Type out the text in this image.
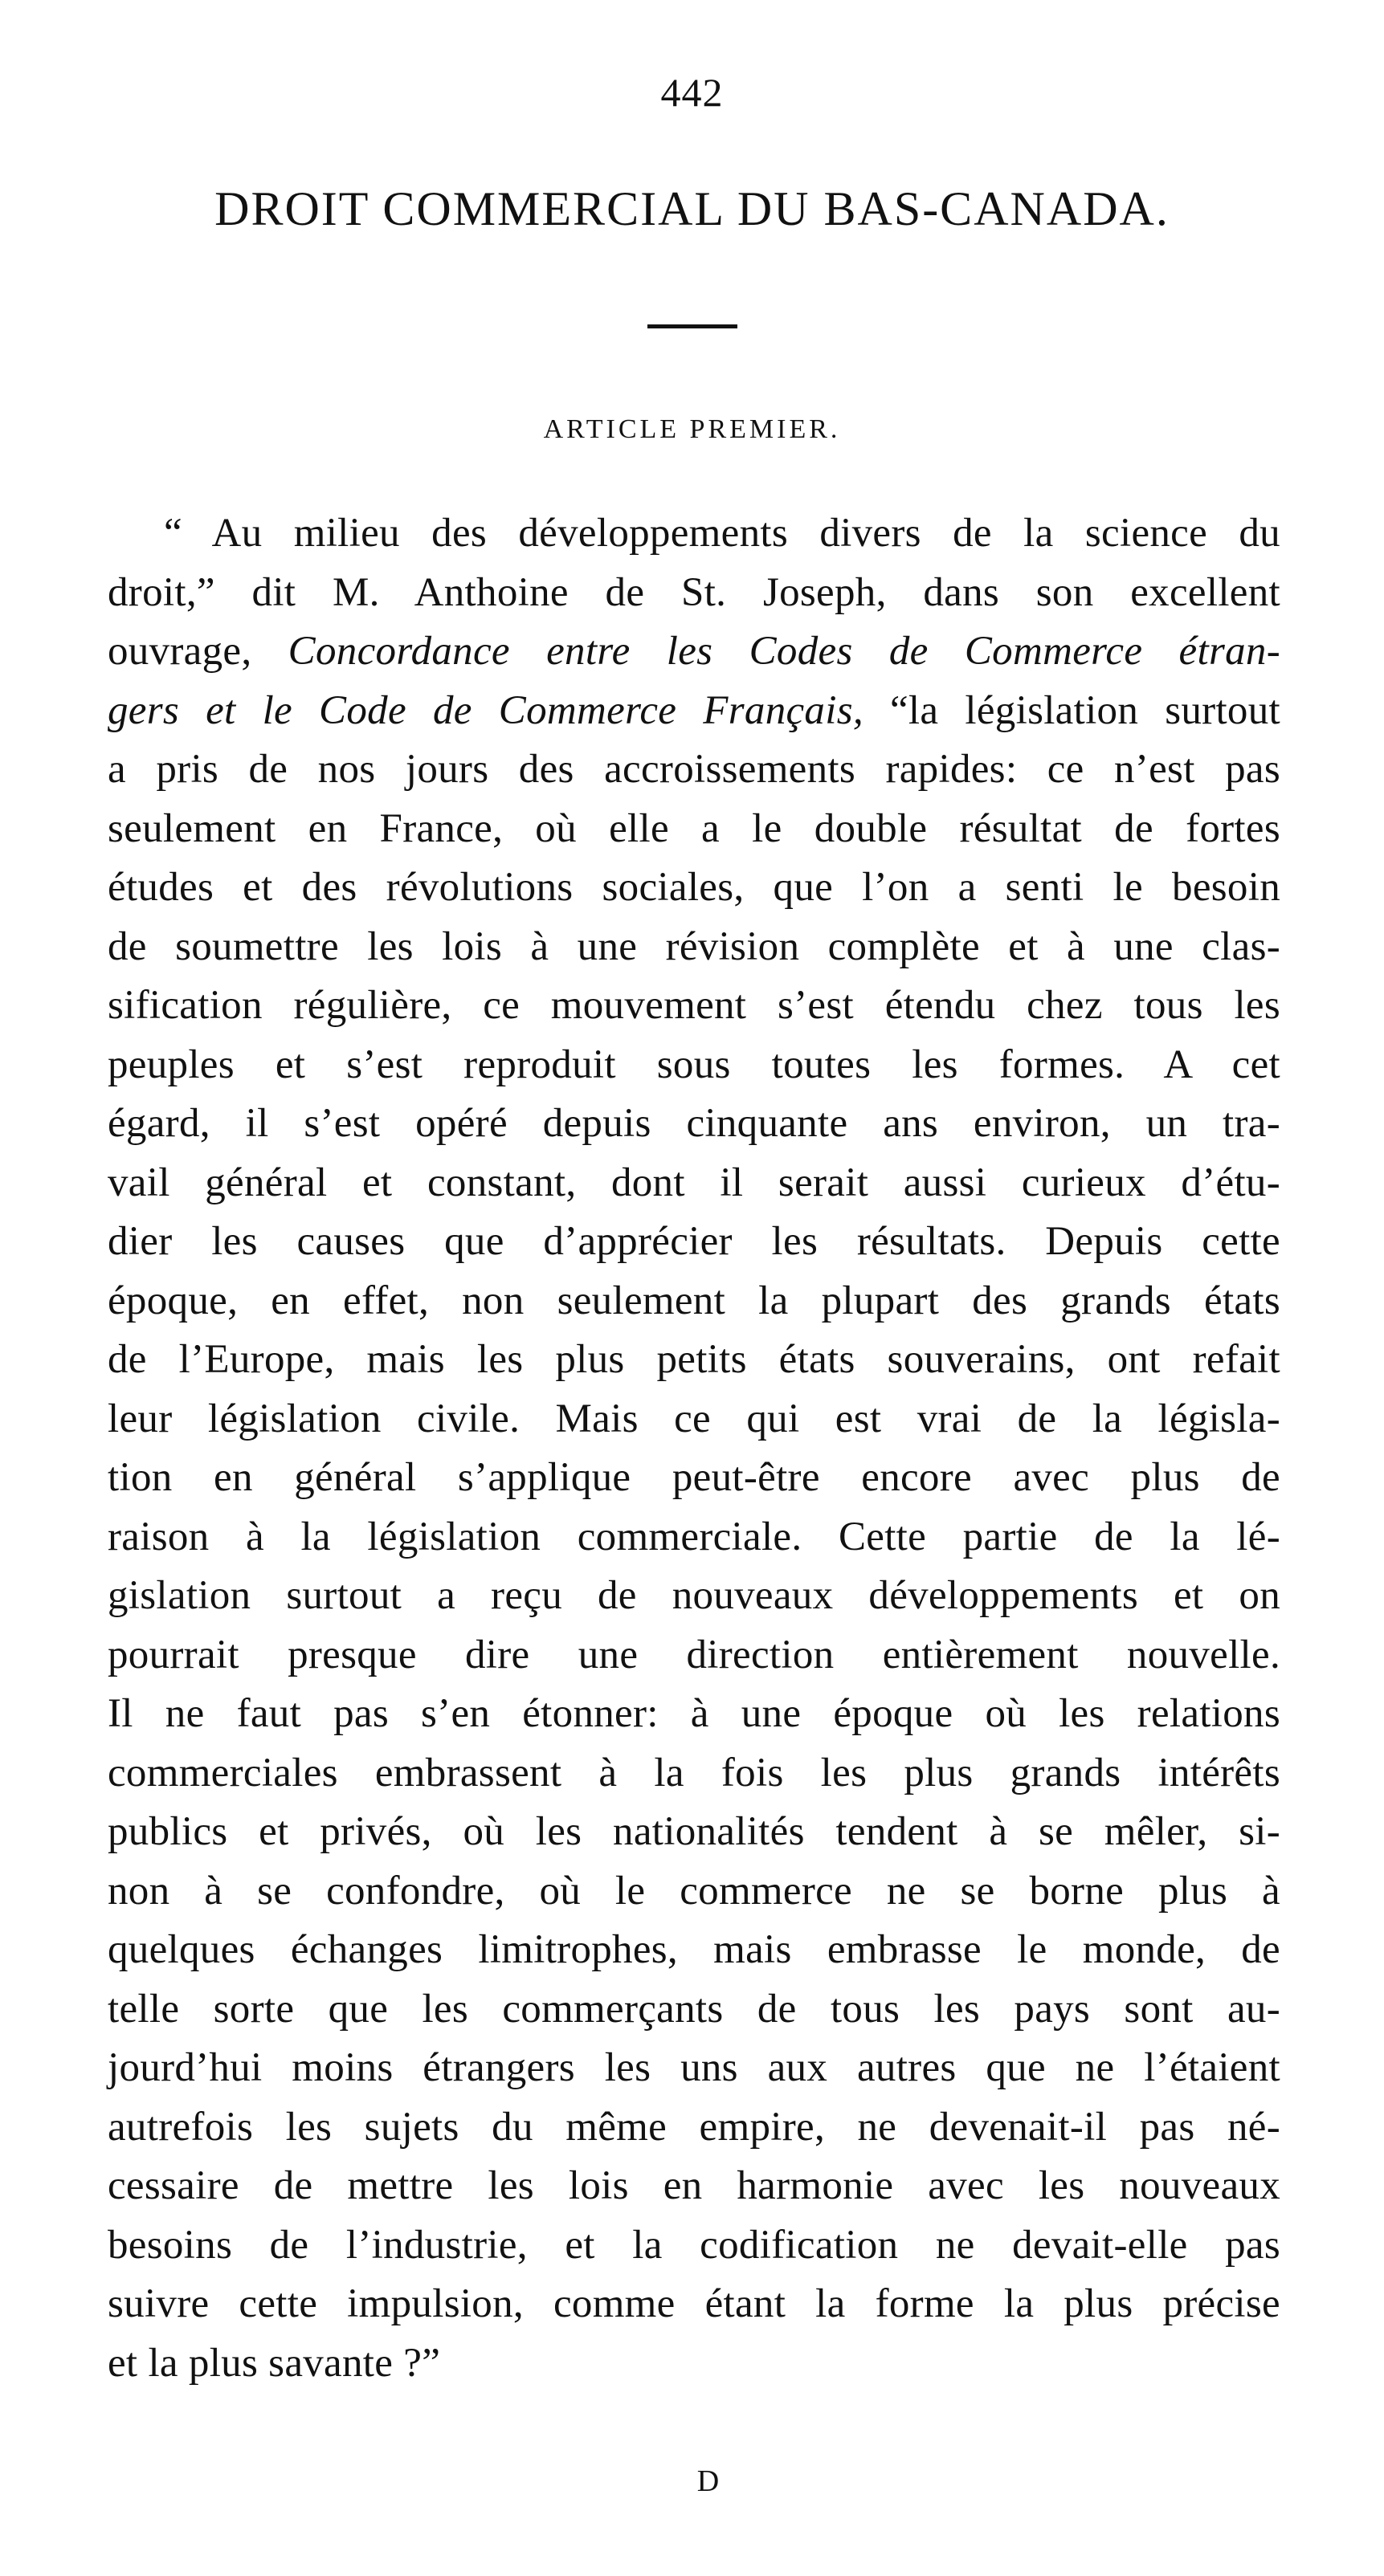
442
DROIT COMMERCIAL DU BAS-CANADA.
ARTICLE PREMIER.
“ Au milieu des développements divers de la science du
droit,” dit M. Anthoine de St. Joseph, dans son excellent
ouvrage, Concordance entre les Codes de Commerce étran-
gers et le Code de Commerce Français, “la législation surtout
a pris de nos jours des accroissements rapides: ce n’est pas
seulement en France, où elle a le double résultat de fortes
études et des révolutions sociales, que l’on a senti le besoin
de soumettre les lois à une révision complète et à une clas-
sification régulière, ce mouvement s’est étendu chez tous les
peuples et s’est reproduit sous toutes les formes. A cet
égard, il s’est opéré depuis cinquante ans environ, un tra-
vail général et constant, dont il serait aussi curieux d’étu-
dier les causes que d’apprécier les résultats. Depuis cette
époque, en effet, non seulement la plupart des grands états
de l’Europe, mais les plus petits états souverains, ont refait
leur législation civile. Mais ce qui est vrai de la législa-
tion en général s’applique peut-être encore avec plus de
raison à la législation commerciale. Cette partie de la lé-
gislation surtout a reçu de nouveaux développements et on
pourrait presque dire une direction entièrement nouvelle.
Il ne faut pas s’en étonner: à une époque où les relations
commerciales embrassent à la fois les plus grands intérêts
publics et privés, où les nationalités tendent à se mêler, si-
non à se confondre, où le commerce ne se borne plus à
quelques échanges limitrophes, mais embrasse le monde, de
telle sorte que les commerçants de tous les pays sont au-
jourd’hui moins étrangers les uns aux autres que ne l’étaient
autrefois les sujets du même empire, ne devenait-il pas né-
cessaire de mettre les lois en harmonie avec les nouveaux
besoins de l’industrie, et la codification ne devait-elle pas
suivre cette impulsion, comme étant la forme la plus précise
et la plus savante ?”
D
